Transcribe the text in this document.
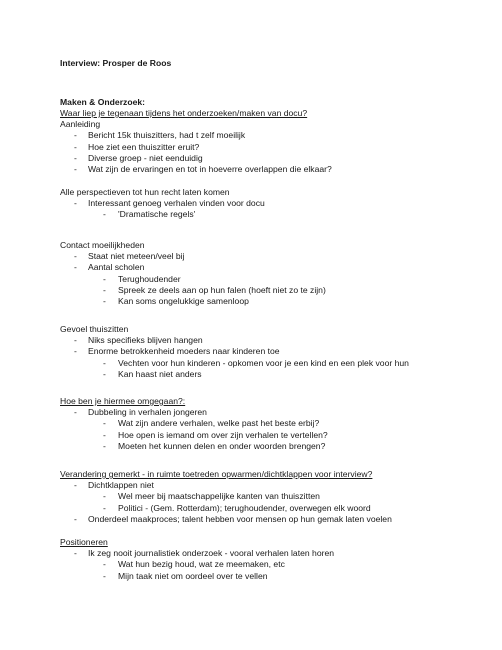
Interview: Prosper de Roos
Maken & Onderzoek:
Waar liep je tegenaan tijdens het onderzoeken/maken van docu?
Aanleiding
- Bericht 15k thuiszitters, had t zelf moeilijk
- Hoe ziet een thuiszitter eruit?
- Diverse groep - niet eenduidig
- Wat zijn de ervaringen en tot in hoeverre overlappen die elkaar?
Alle perspectieven tot hun recht laten komen
- Interessant genoeg verhalen vinden voor docu
- 'Dramatische regels'
Contact moeilijkheden
- Staat niet meteen/veel bij
- Aantal scholen
- Terughoudender
- Spreek ze deels aan op hun falen (hoeft niet zo te zijn)
- Kan soms ongelukkige samenloop
Gevoel thuiszitten
- Niks specifieks blijven hangen
- Enorme betrokkenheid moeders naar kinderen toe
- Vechten voor hun kinderen - opkomen voor je een kind en een plek voor hun
- Kan haast niet anders
Hoe ben je hiermee omgegaan?:
- Dubbeling in verhalen jongeren
- Wat zijn andere verhalen, welke past het beste erbij?
- Hoe open is iemand om over zijn verhalen te vertellen?
- Moeten het kunnen delen en onder woorden brengen?
Verandering gemerkt - in ruimte toetreden opwarmen/dichtklappen voor interview?
- Dichtklappen niet
- Wel meer bij maatschappelijke kanten van thuiszitten
- Politici - (Gem. Rotterdam); terughoudender, overwegen elk woord
- Onderdeel maakproces; talent hebben voor mensen op hun gemak laten voelen
Positioneren
- Ik zeg nooit journalistiek onderzoek - vooral verhalen laten horen
- Wat hun bezig houd, wat ze meemaken, etc
- Mijn taak niet om oordeel over te vellen
